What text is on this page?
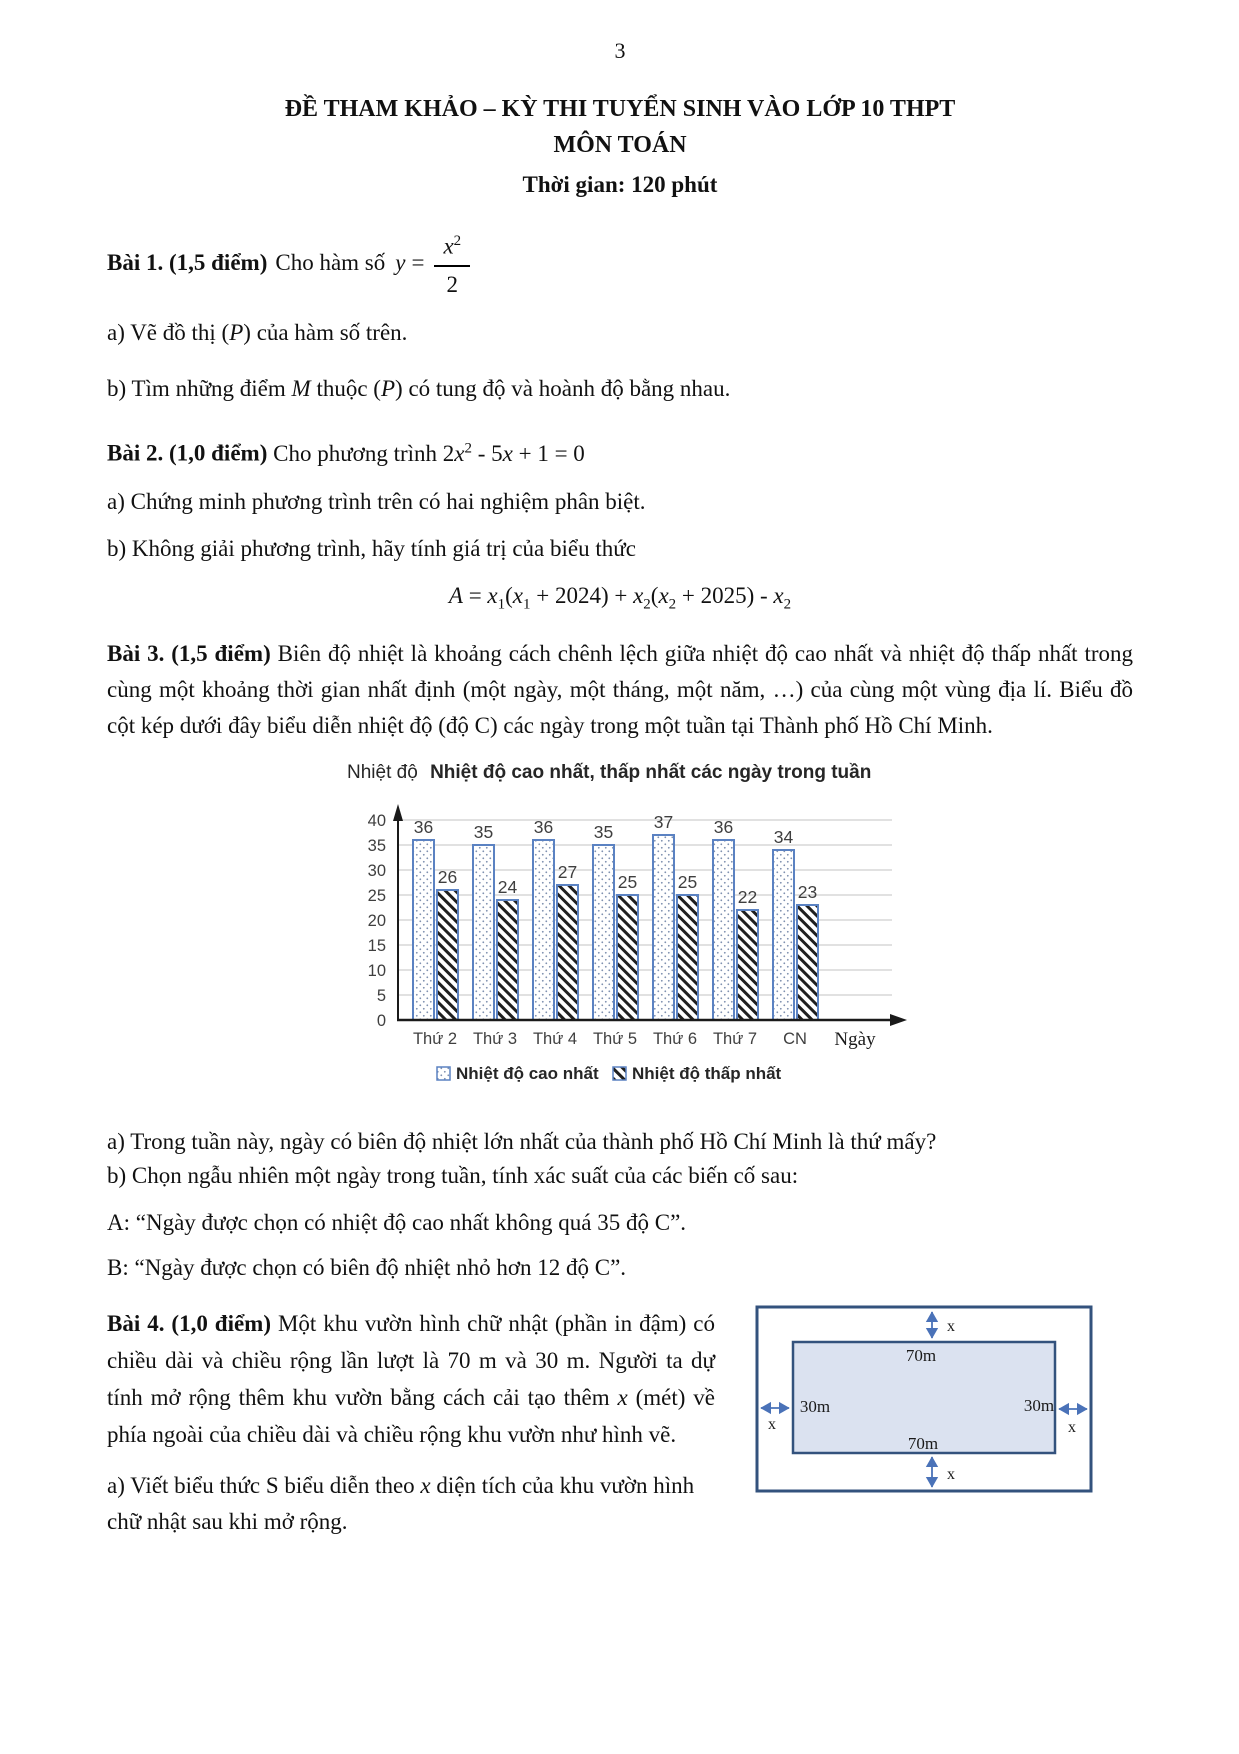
3
ĐỀ THAM KHẢO – KỲ THI TUYỂN SINH VÀO LỚP 10 THPT
MÔN TOÁN
Thời gian: 120 phút
Bài 1. (1,5 điểm) Cho hàm số $y = \frac{x^2}{2}$
a) Vẽ đồ thị (P) của hàm số trên.
b) Tìm những điểm M thuộc (P) có tung độ và hoành độ bằng nhau.
Bài 2. (1,0 điểm) Cho phương trình $2x^2 - 5x + 1 = 0$
a) Chứng minh phương trình trên có hai nghiệm phân biệt.
b) Không giải phương trình, hãy tính giá trị của biểu thức
$A = x_1(x_1 + 2024) + x_2(x_2 + 2025) - x_2$
Bài 3. (1,5 điểm) Biên độ nhiệt là khoảng cách chênh lệch giữa nhiệt độ cao nhất và nhiệt độ thấp nhất trong cùng một khoảng thời gian nhất định (một ngày, một tháng, một năm, …) của cùng một vùng địa lí. Biểu đồ cột kép dưới đây biểu diễn nhiệt độ (độ C) các ngày trong một tuần tại Thành phố Hồ Chí Minh.
Nhiệt độ Nhiệt độ cao nhất, thấp nhất các ngày trong tuần
0
5
10
15
20
25
30
35
40 36 35 36 35 37 36 34
26 24
27 25 25
22 23
Thứ 2 Thứ 3 Thứ 4 Thứ 5 Thứ 6 Thứ 7 CN Ngày
Nhiệt độ cao nhất Nhiệt độ thấp nhất
a) Trong tuần này, ngày có biên độ nhiệt lớn nhất của thành phố Hồ Chí Minh là thứ mấy?
b) Chọn ngẫu nhiên một ngày trong tuần, tính xác suất của các biến cố sau:
A: “Ngày được chọn có nhiệt độ cao nhất không quá 35 độ C”.
B: “Ngày được chọn có biên độ nhiệt nhỏ hơn 12 độ C”.
Bài 4. (1,0 điểm) Một khu vườn hình chữ nhật (phần in đậm) có chiều dài và chiều rộng lần lượt là 70 m và 30 m. Người ta dự tính mở rộng thêm khu vườn bằng cách cải tạo thêm x (mét) về phía ngoài của chiều dài và chiều rộng khu vườn như hình vẽ.
a) Viết biểu thức S biểu diễn theo x diện tích của khu vườn hình chữ nhật sau khi mở rộng.
x
x
x	x
70m
70m
30m	30m
